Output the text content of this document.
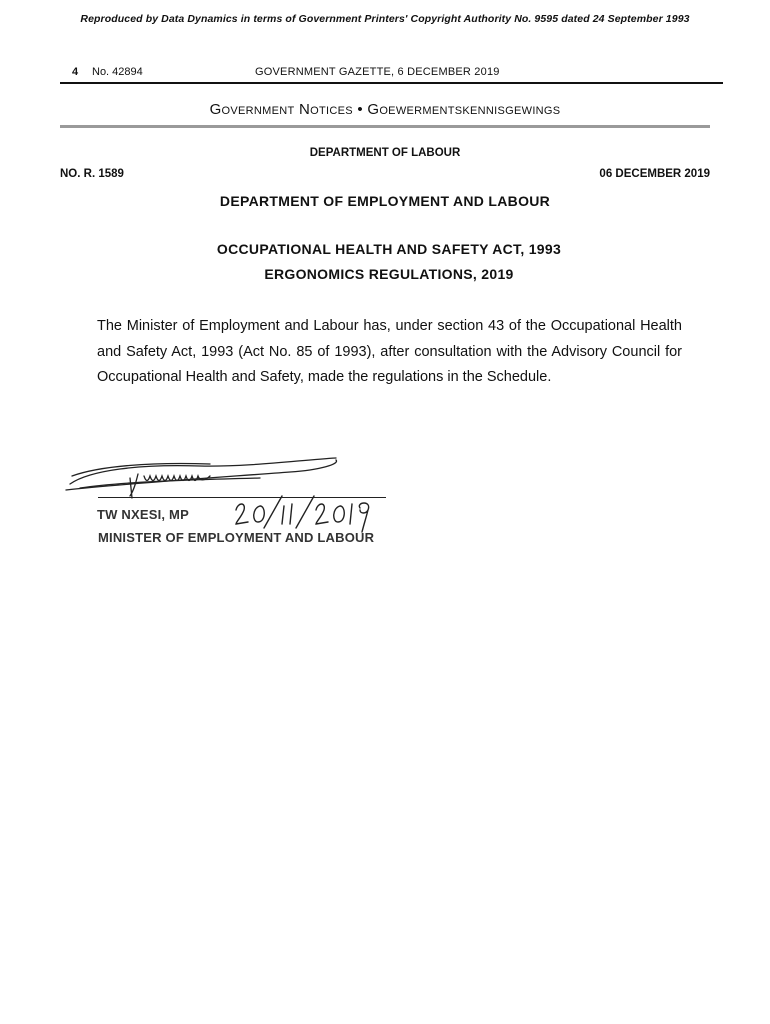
Reproduced by Data Dynamics in terms of Government Printers' Copyright Authority No. 9595 dated 24 September 1993
4 No. 42894	GOVERNMENT GAZETTE, 6 DECEMBER 2019
Government Notices • Goewermentskennisgewings
DEPARTMENT OF LABOUR
NO. R. 1589	06 DECEMBER 2019
DEPARTMENT OF EMPLOYMENT AND LABOUR
OCCUPATIONAL HEALTH AND SAFETY ACT, 1993
ERGONOMICS REGULATIONS, 2019

The Minister of Employment and Labour has, under section 43 of the Occupational Health and Safety Act, 1993 (Act No. 85 of 1993), after consultation with the Advisory Council for Occupational Health and Safety, made the regulations in the Schedule.

TW NXESI, MP
MINISTER OF EMPLOYMENT AND LABOUR
